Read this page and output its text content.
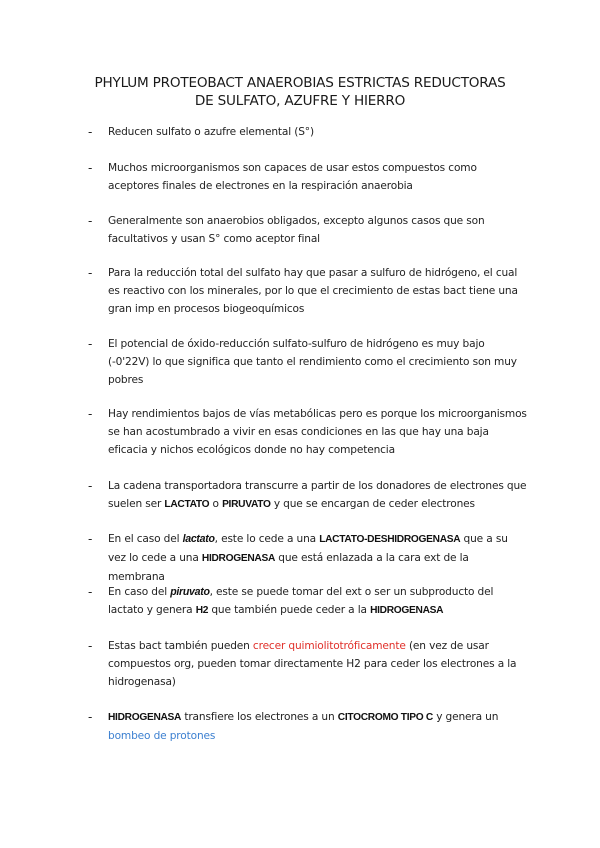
PHYLUM PROTEOBACT ANAEROBIAS ESTRICTAS REDUCTORAS
DE SULFATO, AZUFRE Y HIERRO
- Reducen sulfato o azufre elemental (S°)
- Muchos microorganismos son capaces de usar estos compuestos como aceptores finales de electrones en la respiración anaerobia
- Generalmente son anaerobios obligados, excepto algunos casos que son facultativos y usan S° como aceptor final
- Para la reducción total del sulfato hay que pasar a sulfuro de hidrógeno, el cual es reactivo con los minerales, por lo que el crecimiento de estas bact tiene una gran imp en procesos biogeoquímicos
- El potencial de óxido-reducción sulfato-sulfuro de hidrógeno es muy bajo
(-0'22V) lo que significa que tanto el rendimiento como el crecimiento son muy pobres
- Hay rendimientos bajos de vías metabólicas pero es porque los microorganismos se han acostumbrado a vivir en esas condiciones en las que hay una baja eficacia y nichos ecológicos donde no hay competencia
- La cadena transportadora transcurre a partir de los donadores de electrones que suelen ser LACTATO o PIRUVATO y que se encargan de ceder electrones
- En el caso del lactato, este lo cede a una LACTATO-DESHIDROGENASA que a su vez lo cede a una HIDROGENASA que está enlazada a la cara ext de la membrana
- En caso del piruvato, este se puede tomar del ext o ser un subproducto del lactato y genera H2 que también puede ceder a la HIDROGENASA
- Estas bact también pueden crecer quimiolitotróficamente (en vez de usar compuestos org, pueden tomar directamente H2 para ceder los electrones a la hidrogenasa)
- HIDROGENASA transfiere los electrones a un CITOCROMO TIPO C y genera un bombeo de protones
